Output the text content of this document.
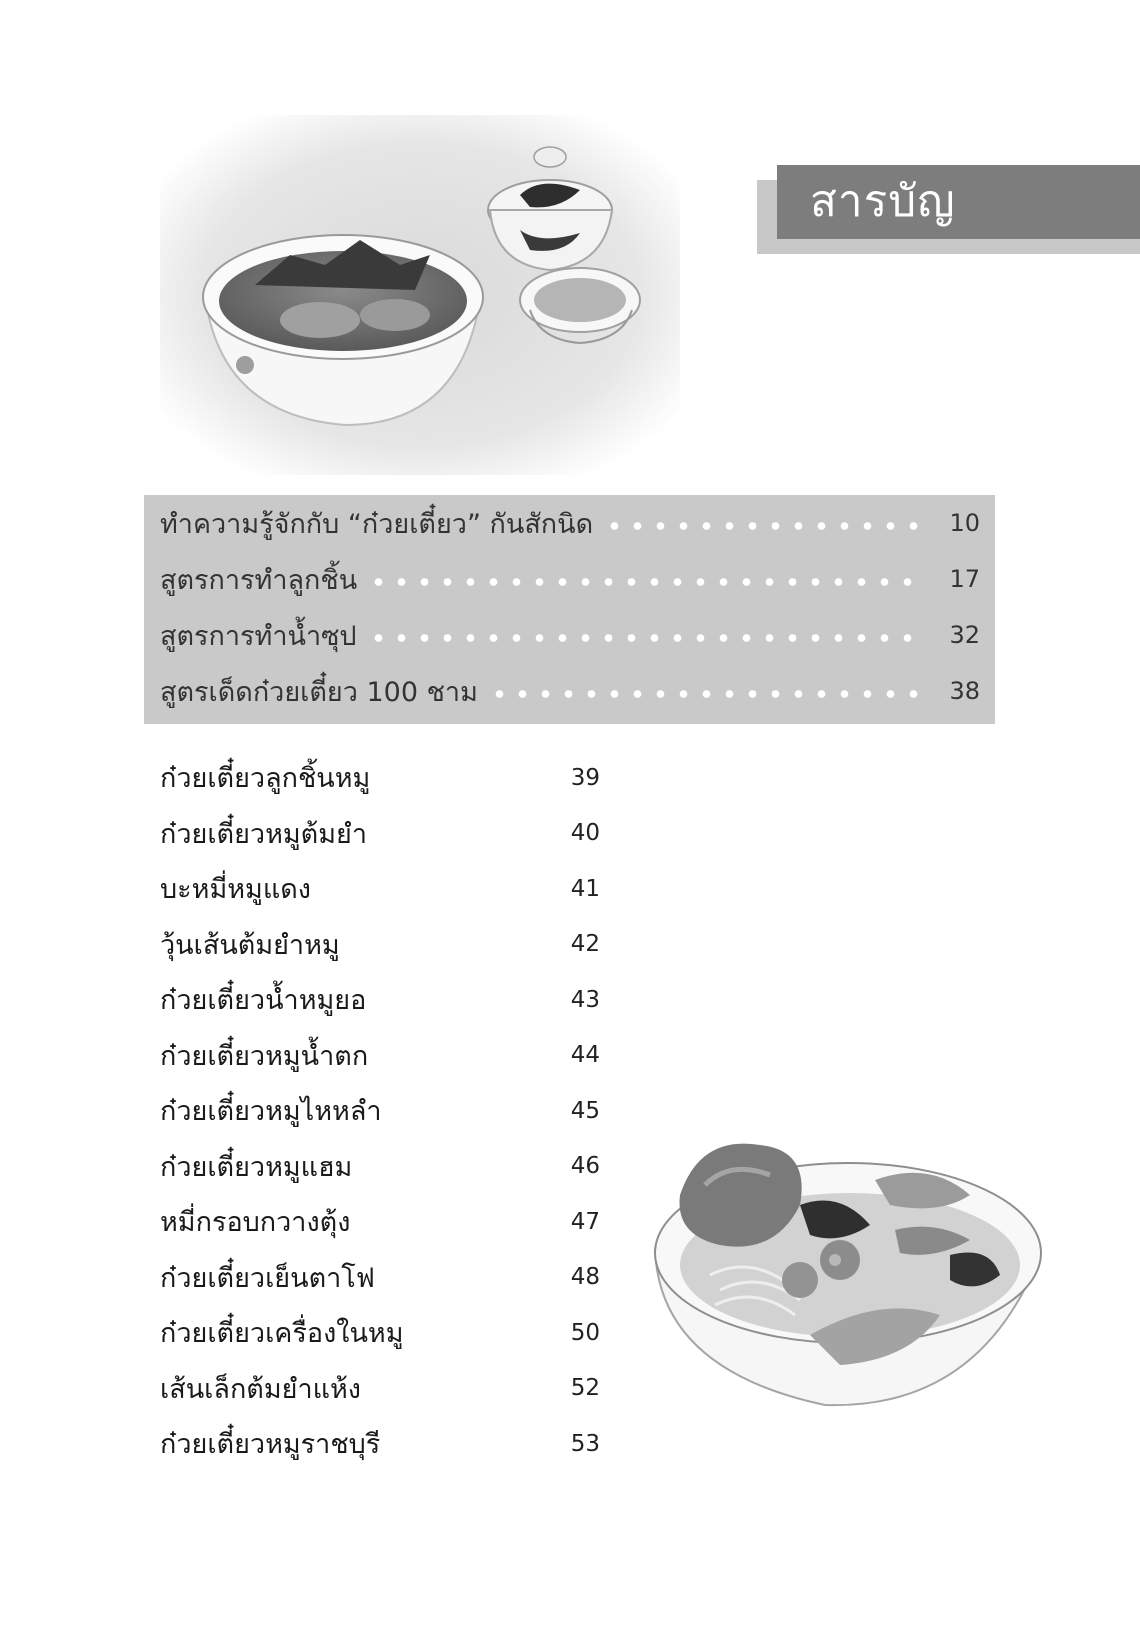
สารบัญ
ทำความรู้จักกับ “ก๋วยเตี๋ยว” กันสักนิด	10
สูตรการทำลูกชิ้น	17
สูตรการทำน้ำซุป	32
สูตรเด็ดก๋วยเตี๋ยว 100 ชาม	38
ก๋วยเตี๋ยวลูกชิ้นหมู	39
ก๋วยเตี๋ยวหมูต้มยำ	40
บะหมี่หมูแดง	41
วุ้นเส้นต้มยำหมู	42
ก๋วยเตี๋ยวน้ำหมูยอ	43
ก๋วยเตี๋ยวหมูน้ำตก	44
ก๋วยเตี๋ยวหมูไหหลำ	45
ก๋วยเตี๋ยวหมูแฮม	46
หมี่กรอบกวางตุ้ง	47
ก๋วยเตี๋ยวเย็นตาโฟ	48
ก๋วยเตี๋ยวเครื่องในหมู	50
เส้นเล็กต้มยำแห้ง	52
ก๋วยเตี๋ยวหมูราชบุรี	53
